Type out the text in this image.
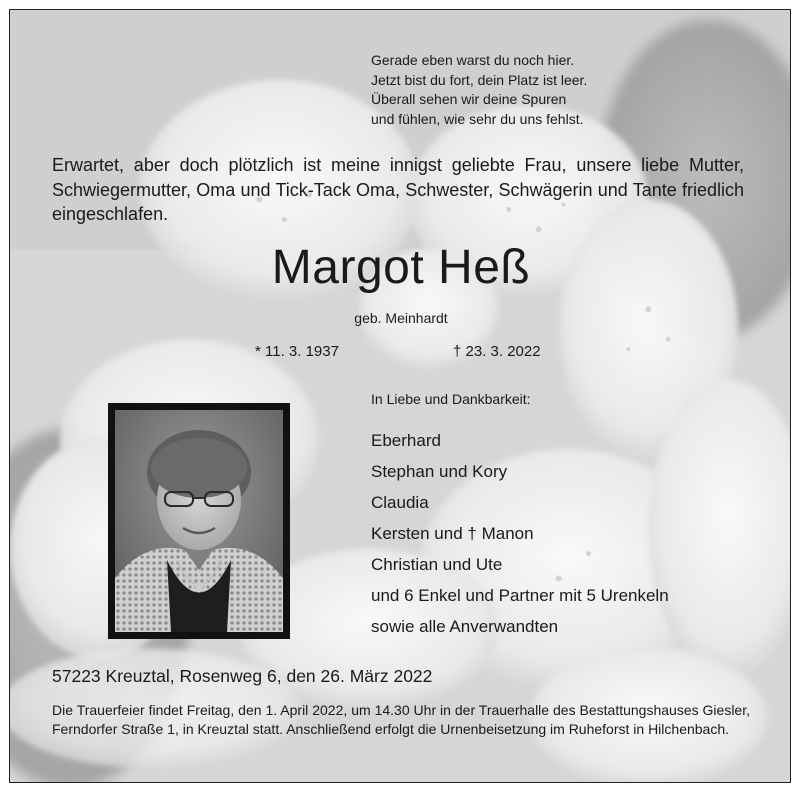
Gerade eben warst du noch hier.
Jetzt bist du fort, dein Platz ist leer.
Überall sehen wir deine Spuren
und fühlen, wie sehr du uns fehlst.

Erwartet, aber doch plötzlich ist meine innigst geliebte Frau, unsere liebe Mutter, Schwiegermutter, Oma und Tick-Tack Oma, Schwester, Schwägerin und Tante friedlich eingeschlafen.

Margot Heß
geb. Meinhardt
* 11. 3. 1937	† 23. 3. 2022
In Liebe und Dankbarkeit:
Eberhard
Stephan und Kory
Claudia
Kersten und † Manon
Christian und Ute
und 6 Enkel und Partner mit 5 Urenkeln
sowie alle Anverwandten
57223 Kreuztal, Rosenweg 6, den 26. März 2022

Die Trauerfeier findet Freitag, den 1. April 2022, um 14.30 Uhr in der Trauerhalle des Bestattungshauses Giesler, Ferndorfer Straße 1, in Kreuztal statt. Anschließend erfolgt die Urnenbeisetzung im Ruheforst in Hilchenbach.
